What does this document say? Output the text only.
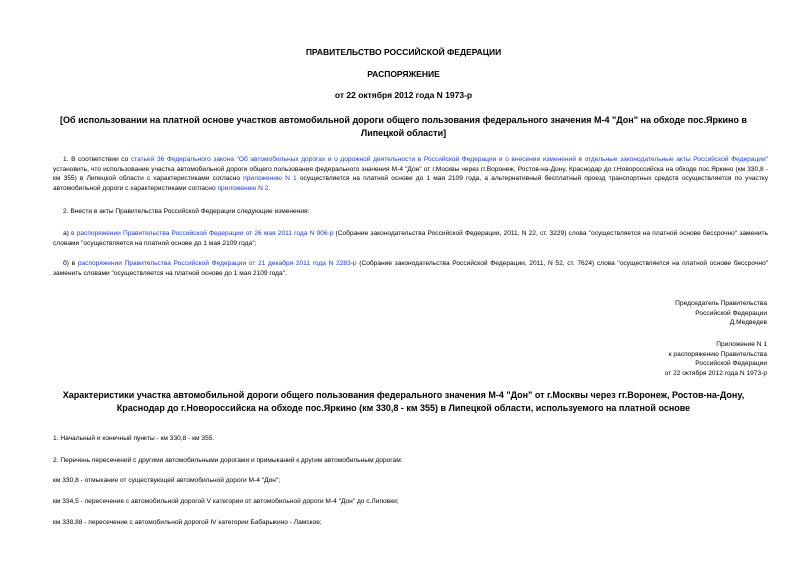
ПРАВИТЕЛЬСТВО РОССИЙСКОЙ ФЕДЕРАЦИИ
РАСПОРЯЖЕНИЕ
от 22 октября 2012 года N 1973-р
[Об использовании на платной основе участков автомобильной дороги общего пользования федерального значения М-4 "Дон" на обходе пос.Яркино в Липецкой области]
1. В соответствии со статьей 36 Федерального закона "Об автомобильных дорогах и о дорожной деятельности в Российской Федерации и о внесении изменений в отдельные законодательные акты Российской Федерации" установить, что использование участка автомобильной дороги общего пользования федерального значения М-4 "Дон" от г.Москвы через гг.Воронеж, Ростов-на-Дону, Краснодар до г.Новороссийска на обходе пос.Яркино (км 330,8 - км 355) в Липецкой области с характеристиками согласно приложению N 1 осуществляется на платной основе до 1 мая 2109 года, а альтернативный бесплатный проезд транспортных средств осуществляется по участку автомобильной дороги с характеристиками согласно приложению N 2.
2. Внести в акты Правительства Российской Федерации следующие изменения:
а) в распоряжении Правительства Российской Федерации от 26 мая 2011 года N 906-р (Собрание законодательства Российской Федерации, 2011, N 22, ст. 3229) слова "осуществляется на платной основе бессрочно" заменить словами "осуществляется на платной основе до 1 мая 2109 года";
б) в распоряжении Правительства Российской Федерации от 21 декабря 2011 года N 2283-р (Собрание законодательства Российской Федерации, 2011, N 52, ст. 7624) слова "осуществляется на платной основе бессрочно" заменить словами "осуществляется на платной основе до 1 мая 2109 года".
Председатель Правительства
Российской Федерации
Д.Медведев
Приложение N 1
к распоряжению Правительства
Российской Федерации
от 22 октября 2012 года N 1973-р
Характеристики участка автомобильной дороги общего пользования федерального значения М-4 "Дон" от г.Москвы через гг.Воронеж, Ростов-на-Дону, Краснодар до г.Новороссийска на обходе пос.Яркино (км 330,8 - км 355) в Липецкой области, используемого на платной основе
1. Начальный и конечный пункты - км 330,8 - км 355.
2. Перечень пересечений с другими автомобильными дорогами и примыканий к другим автомобильным дорогам:
км 330,8 - отмыкание от существующей автомобильной дороги М-4 "Дон";
км 334,5 - пересечение с автомобильной дорогой V категории от автомобильной дороги М-4 "Дон" до с.Липовки;
км 338,88 - пересечение с автомобильной дорогой IV категории Бабарыкино - Ламское;
